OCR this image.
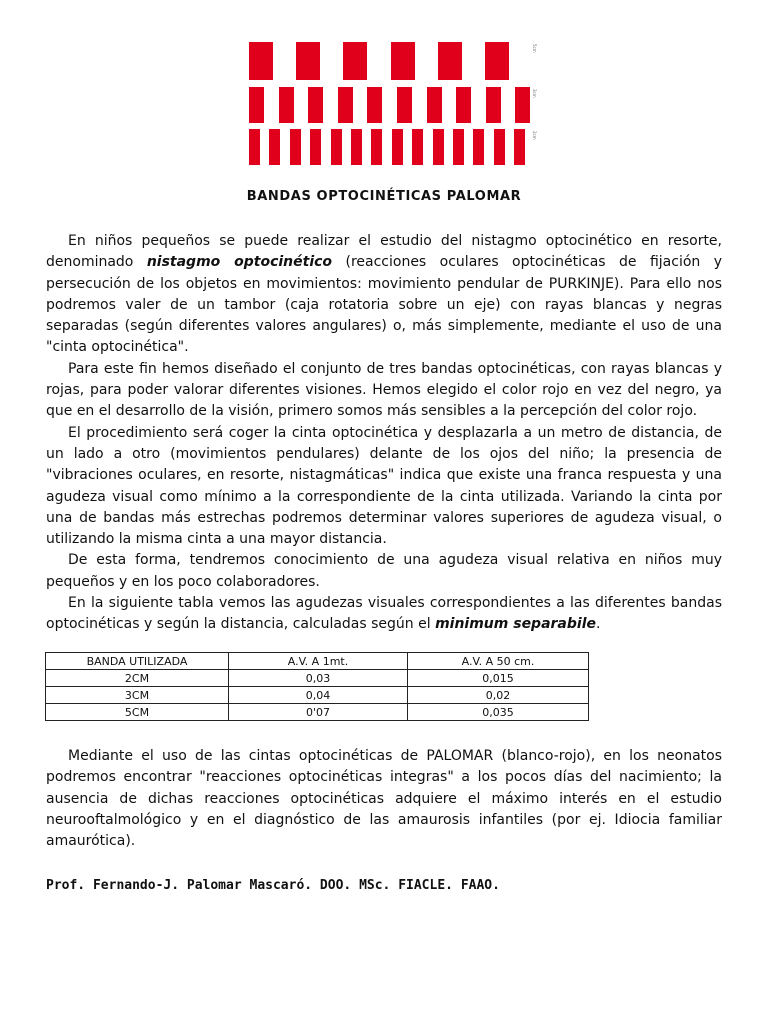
5cm
3cm
2cm
BANDAS OPTOCINÉTICAS PALOMAR

En niños pequeños se puede realizar el estudio del nistagmo optocinético en resorte, denominado nistagmo optocinético (reacciones oculares optocinéticas de fijación y persecución de los objetos en movimientos: movimiento pendular de PURKINJE). Para ello nos podremos valer de un tambor (caja rotatoria sobre un eje) con rayas blancas y negras separadas (según diferentes valores angulares) o, más simplemente, mediante el uso de una "cinta optocinética".

Para este fin hemos diseñado el conjunto de tres bandas optocinéticas, con rayas blancas y rojas, para poder valorar diferentes visiones. Hemos elegido el color rojo en vez del negro, ya que en el desarrollo de la visión, primero somos más sensibles a la percepción del color rojo.

El procedimiento será coger la cinta optocinética y desplazarla a un metro de distancia, de un lado a otro (movimientos pendulares) delante de los ojos del niño; la presencia de "vibraciones oculares, en resorte, nistagmáticas" indica que existe una franca respuesta y una agudeza visual como mínimo a la correspondiente de la cinta utilizada. Variando la cinta por una de bandas más estrechas podremos determinar valores superiores de agudeza visual, o utilizando la misma cinta a una mayor distancia.

De esta forma, tendremos conocimiento de una agudeza visual relativa en niños muy pequeños y en los poco colaboradores.

En la siguiente tabla vemos las agudezas visuales correspondientes a las diferentes bandas optocinéticas y según la distancia, calculadas según el minimum separabile.

BANDA UTILIZADA	A.V. A 1mt.	A.V. A 50 cm.
2CM	0,03	0,015
3CM	0,04	0,02
5CM	0'07	0,035

Mediante el uso de las cintas optocinéticas de PALOMAR (blanco-rojo), en los neonatos podremos encontrar "reacciones optocinéticas integras" a los pocos días del nacimiento; la ausencia de dichas reacciones optocinéticas adquiere el máximo interés en el estudio neurooftalmológico y en el diagnóstico de las amaurosis infantiles (por ej. Idiocia familiar amaurótica).

Prof. Fernando-J. Palomar Mascaró. DOO. MSc. FIACLE. FAAO.
